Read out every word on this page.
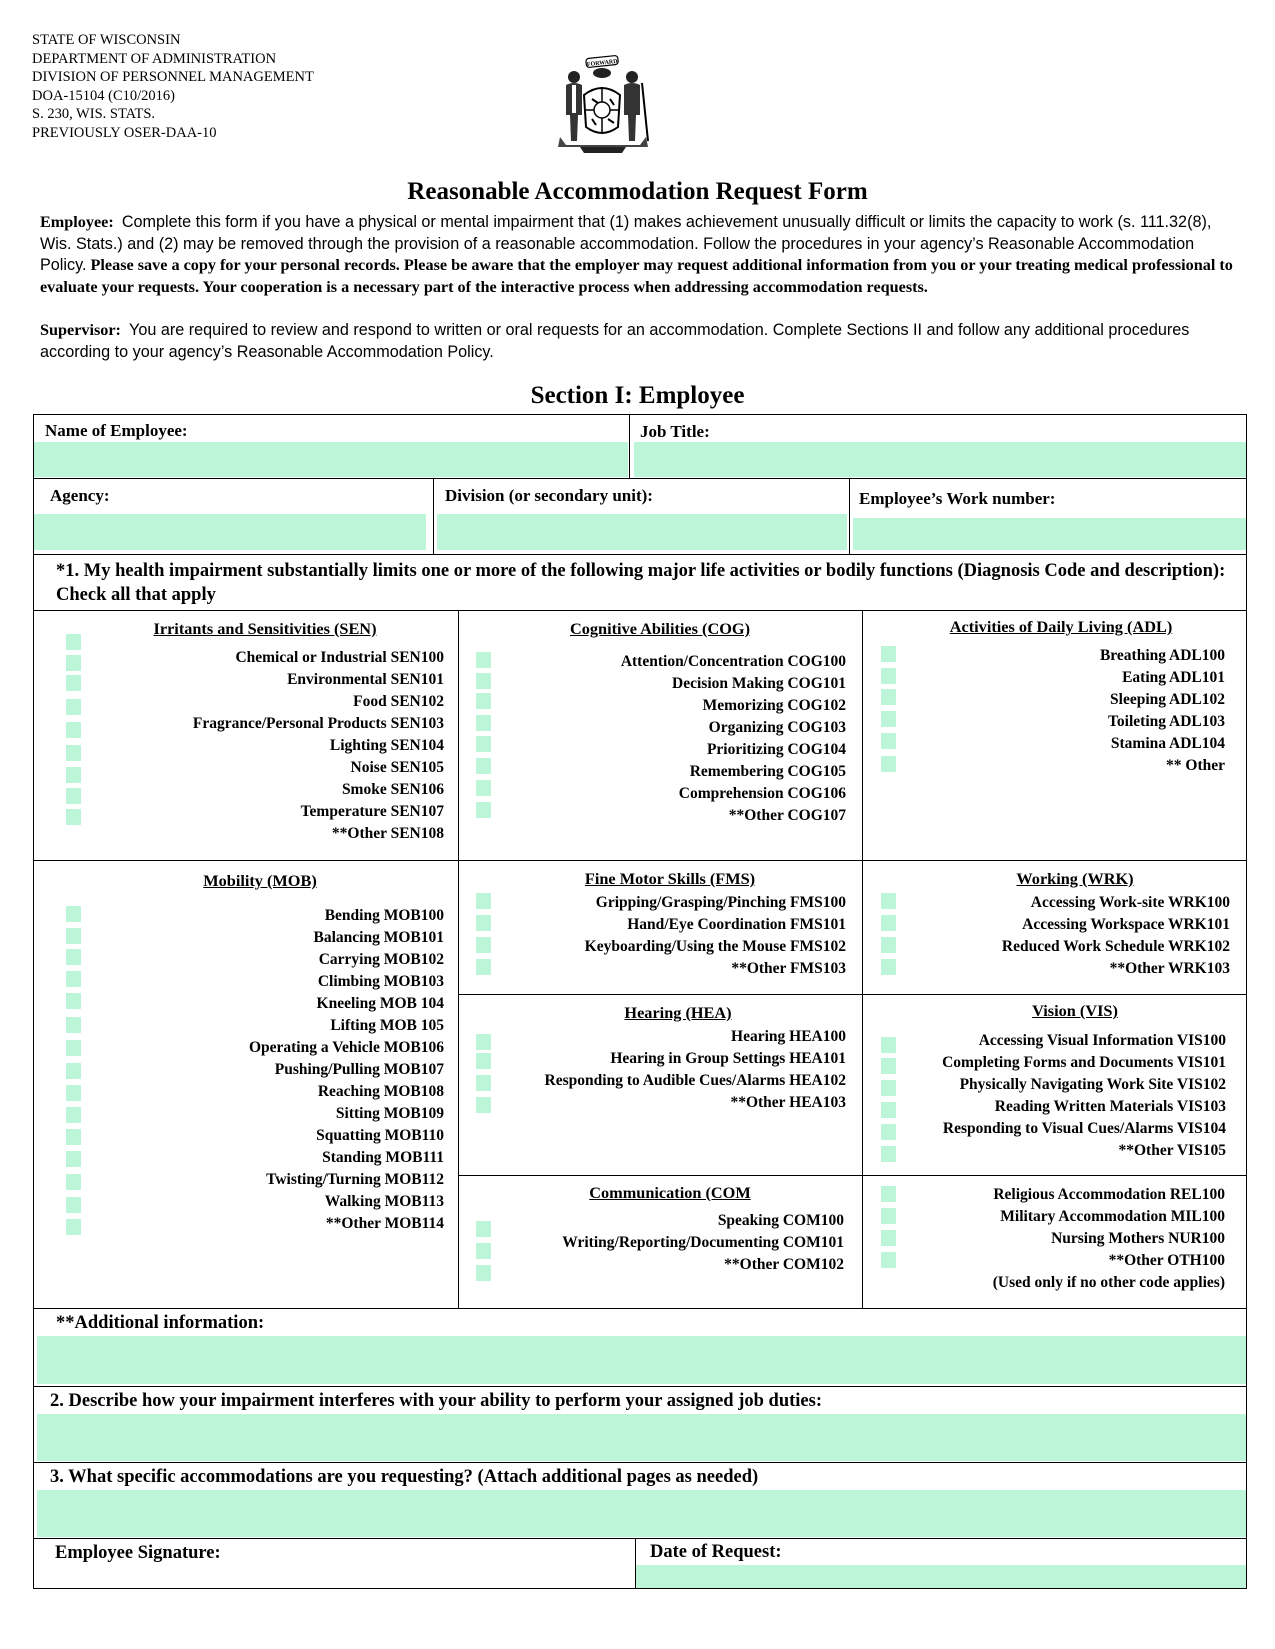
STATE OF WISCONSIN
DEPARTMENT OF ADMINISTRATION
DIVISION OF PERSONNEL MANAGEMENT
DOA-15104 (C10/2016)
S. 230, WIS. STATS.
PREVIOUSLY OSER-DAA-10
FORWARD
Reasonable Accommodation Request Form
Employee: Complete this form if you have a physical or mental impairment that (1) makes achievement unusually difficult or limits the capacity to work (s. 111.32(8), Wis. Stats.) and (2) may be removed through the provision of a reasonable accommodation. Follow the procedures in your agency’s Reasonable Accommodation Policy. Please save a copy for your personal records. Please be aware that the employer may request additional information from you or your treating medical professional to evaluate your requests. Your cooperation is a necessary part of the interactive process when addressing accommodation requests.
Supervisor: You are required to review and respond to written or oral requests for an accommodation. Complete Sections II and follow any additional procedures according to your agency’s Reasonable Accommodation Policy.
Section I: Employee
Name of Employee:	Job Title:
Agency:	Division (or secondary unit):	Employee’s Work number:
*1. My health impairment substantially limits one or more of the following major life activities or bodily functions (Diagnosis Code and description): Check all that apply
Irritants and Sensitivities (SEN)
Chemical or Industrial SEN100
Environmental SEN101
Food SEN102
Fragrance/Personal Products SEN103
Lighting SEN104
Noise SEN105
Smoke SEN106
Temperature SEN107
**Other SEN108
Cognitive Abilities (COG)
Attention/Concentration COG100
Decision Making COG101
Memorizing COG102
Organizing COG103
Prioritizing COG104
Remembering COG105
Comprehension COG106
**Other COG107
Activities of Daily Living (ADL)
Breathing ADL100
Eating ADL101
Sleeping ADL102
Toileting ADL103
Stamina ADL104
** Other
Mobility (MOB)
Bending MOB100
Balancing MOB101
Carrying MOB102
Climbing MOB103
Kneeling MOB 104
Lifting MOB 105
Operating a Vehicle MOB106
Pushing/Pulling MOB107
Reaching MOB108
Sitting MOB109
Squatting MOB110
Standing MOB111
Twisting/Turning MOB112
Walking MOB113
**Other MOB114
Fine Motor Skills (FMS)
Gripping/Grasping/Pinching FMS100
Hand/Eye Coordination FMS101
Keyboarding/Using the Mouse FMS102
**Other FMS103
Working (WRK)
Accessing Work-site WRK100
Accessing Workspace WRK101
Reduced Work Schedule WRK102
**Other WRK103
Hearing (HEA)
Hearing HEA100
Hearing in Group Settings HEA101
Responding to Audible Cues/Alarms HEA102
**Other HEA103
Vision (VIS)
Accessing Visual Information VIS100
Completing Forms and Documents VIS101
Physically Navigating Work Site VIS102
Reading Written Materials VIS103
Responding to Visual Cues/Alarms VIS104
**Other VIS105
Communication (COM
Speaking COM100
Writing/Reporting/Documenting COM101
**Other COM102
Religious Accommodation REL100
Military Accommodation MIL100
Nursing Mothers NUR100
**Other OTH100
(Used only if no other code applies)
**Additional information:
2. Describe how your impairment interferes with your ability to perform your assigned job duties:
3. What specific accommodations are you requesting? (Attach additional pages as needed)
Employee Signature:	Date of Request:
